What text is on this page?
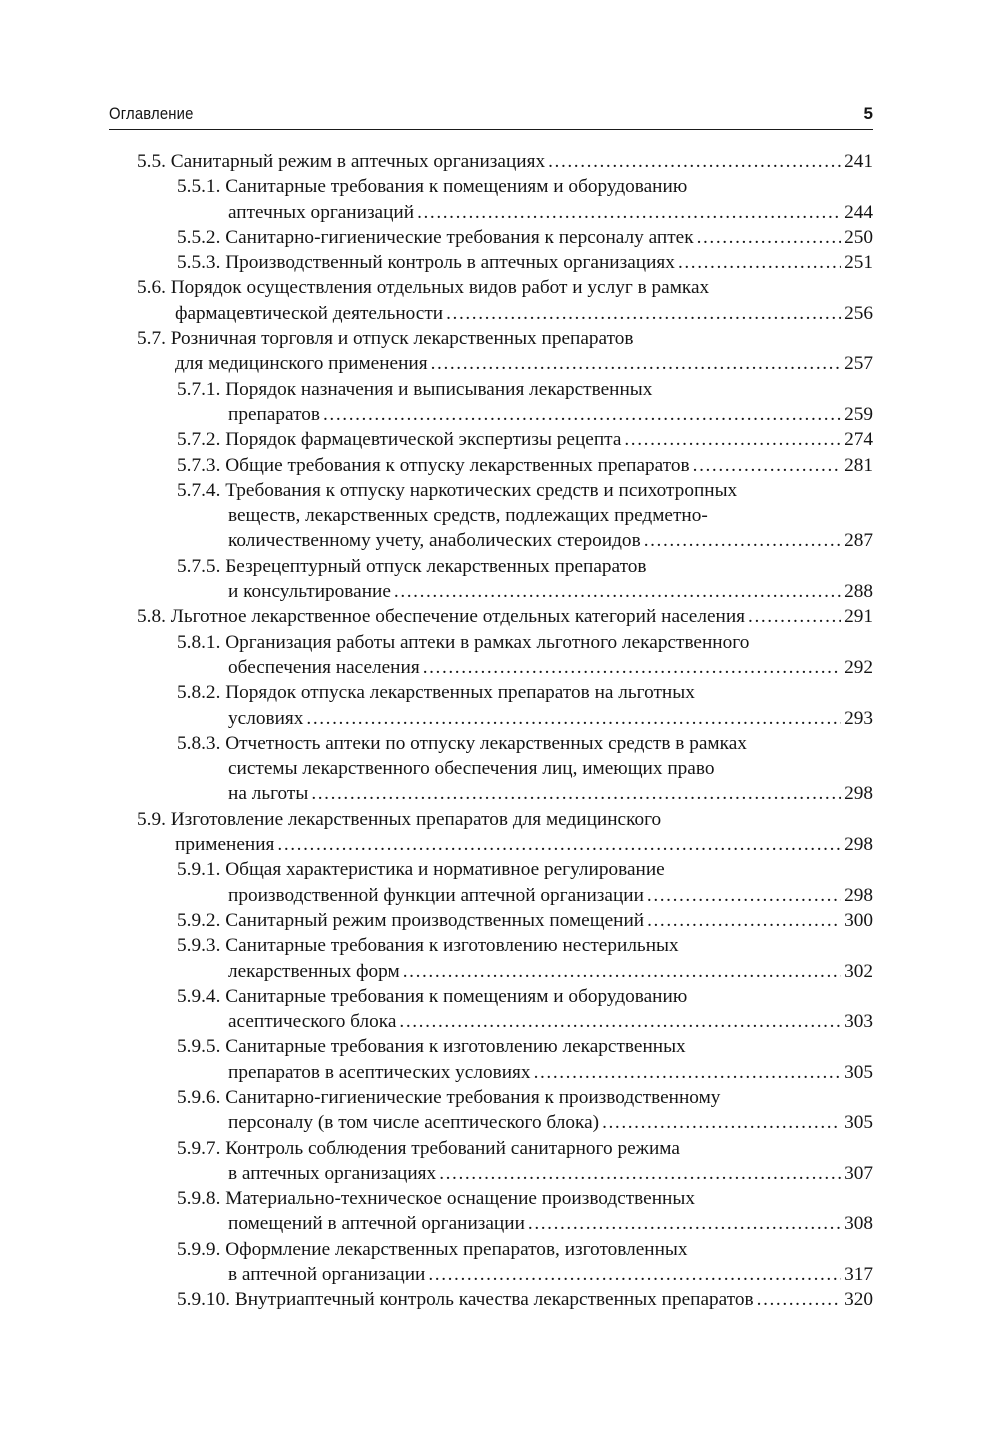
Оглавление	5
5.5. Санитарный режим в аптечных организациях .....	241
5.5.1. Санитарные требования к помещениям и оборудованию
аптечных организаций .....	244
5.5.2. Санитарно-гигиенические требования к персоналу аптек .....	250
5.5.3. Производственный контроль в аптечных организациях .....	251
5.6. Порядок осуществления отдельных видов работ и услуг в рамках
фармацевтической деятельности .....	256
5.7. Розничная торговля и отпуск лекарственных препаратов
для медицинского применения .....	257
5.7.1. Порядок назначения и выписывания лекарственных
препаратов .....	259
5.7.2. Порядок фармацевтической экспертизы рецепта .....	274
5.7.3. Общие требования к отпуску лекарственных препаратов .....	281
5.7.4. Требования к отпуску наркотических средств и психотропных
веществ, лекарственных средств, подлежащих предметно-
количественному учету, анаболических стероидов .....	287
5.7.5. Безрецептурный отпуск лекарственных препаратов
и консультирование .....	288
5.8. Льготное лекарственное обеспечение отдельных категорий населения .....	291
5.8.1. Организация работы аптеки в рамках льготного лекарственного
обеспечения населения .....	292
5.8.2. Порядок отпуска лекарственных препаратов на льготных
условиях .....	293
5.8.3. Отчетность аптеки по отпуску лекарственных средств в рамках
системы лекарственного обеспечения лиц, имеющих право
на льготы .....	298
5.9. Изготовление лекарственных препаратов для медицинского
применения .....	298
5.9.1. Общая характеристика и нормативное регулирование
производственной функции аптечной организации .....	298
5.9.2. Санитарный режим производственных помещений .....	300
5.9.3. Санитарные требования к изготовлению нестерильных
лекарственных форм .....	302
5.9.4. Санитарные требования к помещениям и оборудованию
асептического блока .....	303
5.9.5. Санитарные требования к изготовлению лекарственных
препаратов в асептических условиях .....	305
5.9.6. Санитарно-гигиенические требования к производственному
персоналу (в том числе асептического блока) .....	305
5.9.7. Контроль соблюдения требований санитарного режима
в аптечных организациях .....	307
5.9.8. Материально-техническое оснащение производственных
помещений в аптечной организации .....	308
5.9.9. Оформление лекарственных препаратов, изготовленных
в аптечной организации .....	317
5.9.10. Внутриаптечный контроль качества лекарственных препаратов .....	320
